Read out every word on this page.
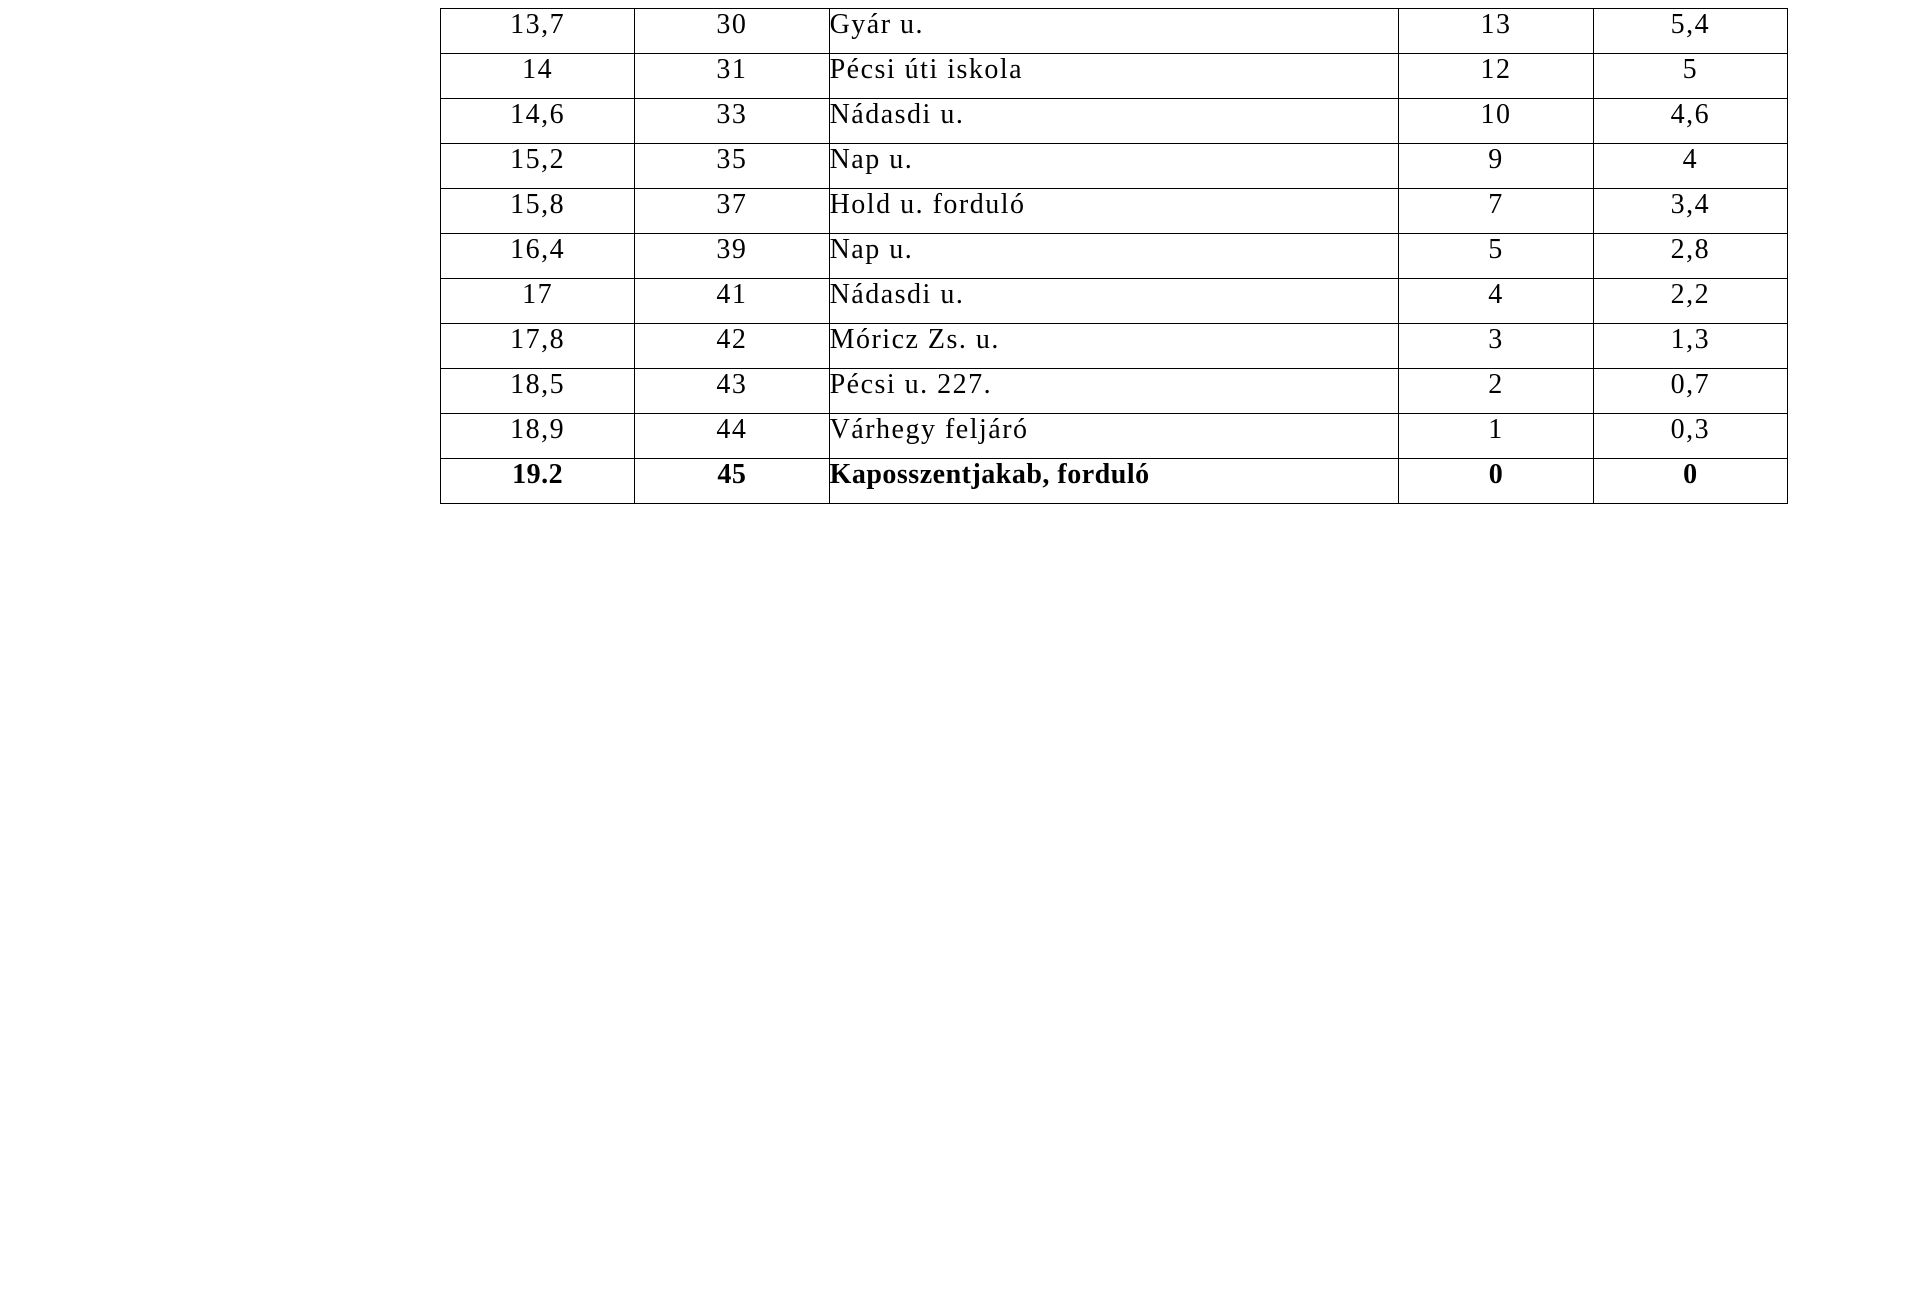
13,7	30	Gyár u.	13	5,4
14	31	Pécsi úti iskola	12	5
14,6	33	Nádasdi u.	10	4,6
15,2	35	Nap u.	9	4
15,8	37	Hold u. forduló	7	3,4
16,4	39	Nap u.	5	2,8
17	41	Nádasdi u.	4	2,2
17,8	42	Móricz Zs. u.	3	1,3
18,5	43	Pécsi u. 227.	2	0,7
18,9	44	Várhegy feljáró	1	0,3
19.2	45	Kaposszentjakab, forduló	0	0
